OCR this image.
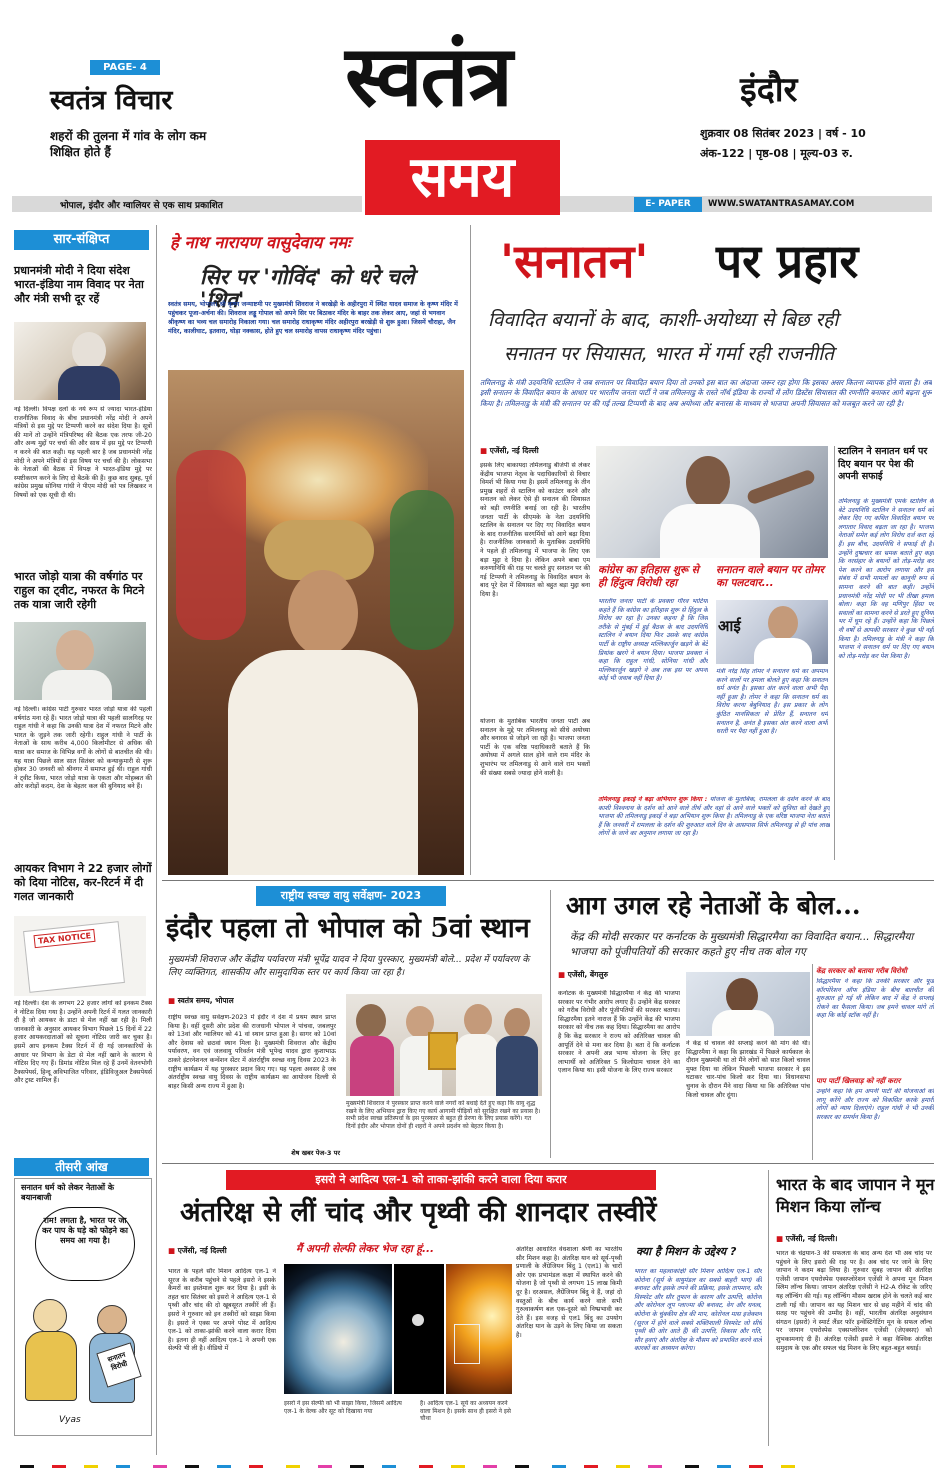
PAGE- 4
स्वतंत्र विचार
शहरों की तुलना में गांव के लोग कम शिक्षित होते हैं
स्वतंत्र
समय
इंदौर
शुक्रवार 08 सितंबर 2023 | वर्ष - 10
अंक-122 | पृष्ठ-08 | मूल्य-03 रु.
भोपाल, इंदौर और ग्वालियर से एक साथ प्रकाशित	E- PAPER	WWW.SWATANTRASAMAY.COM
सार-संक्षिप्त
प्रधानमंत्री मोदी ने दिया संदेश भारत-इंडिया नाम विवाद पर नेता और मंत्री सभी दूर रहें
नई दिल्ली। विपक्ष दलों के नये रूप से ज्यादा भारत-इंडिया राजनीतिक विवाद के बीच प्रधानमंत्री नरेंद्र मोदी ने अपने मंत्रियों से इस मुद्दे पर टिप्पणी करने का संदेश दिया है। सूत्रों की मानें तो उन्होंने मंत्रिपरिषद की बैठक एक तरफ जी-20 और अन्य मुद्दों पर चर्चा की और साथ में इस मुद्दे पर टिप्पणी न करने की बात कही। यह पहली बार है जब प्रधानमंत्री नरेंद्र मोदी ने अपने मंत्रियों से इस विषय पर चर्चा की है। लोकसभा के नेताओं की बैठक में विपक्ष ने भारत-इंडिया मुद्दे पर स्पष्टीकरण करने के लिए दो बैठकें की हैं। कुछ बाद सुबह, पूर्व कांग्रेस प्रमुख सोनिया गांधी ने पीएम मोदी को पत्र लिखकर न विषयों को एक सूची दी थी।
भारत जोड़ो यात्रा की वर्षगांठ पर राहुल का ट्वीट, नफरत के मिटने तक यात्रा जारी रहेगी
नई दिल्ली। कांग्रेस पार्टी गुरुवार भारत जोड़ो यात्रा की पहली वर्षगांठ मना रहे हैं। भारत जोड़ो यात्रा की पहली सालगिरह पर राहुल गांधी ने कहा कि उनकी यात्रा देश में नफरत मिटने और भारत के जुड़ने तक जारी रहेगी। राहुल गांधी ने पार्टी के नेताओं के साथ करीब 4,000 किलोमीटर से अधिक की यात्रा कर समाज के विभिन्न वर्गों के लोगों से बातचीत की थी। यह यात्रा पिछले साल सात सितंबर को कन्याकुमारी से शुरू होकर 30 जनवरी को श्रीनगर में समाप्त हुई थी। राहुल गांधी ने ट्वीट किया, भारत जोड़ो यात्रा के एकता और मोहब्बत की ओर करोड़ों कदम, देश के बेहतर कल की बुनियाद बने हैं।
आयकर विभाग ने 22 हजार लोगों को दिया नोटिस, कर-रिटर्न में दी गलत जानकारी
TAX NOTICE
नई दिल्ली। देश के लगभग 22 हजार लोगों को इनकम टैक्स ने नोटिस दिया गया है। उन्होंने अपनी रिटर्न में गलत जानकारी दी है जो आयकर के डाटा से मेल नहीं खा रही है। मिली जानकारी के अनुसार आयकर विभाग पिछले 15 दिनों में 22 हजार आयकरदाताओं को सूचना नोटिस जारी कर चुका है। इसमें आप इनकम टैक्स रिटर्न में दी गई जानकारियों के आधार पर विभाग के डेटा से मेल नहीं खाने के कारण ये नोटिस दिए गए हैं। डिमांड नोटिस मिल रहे हैं उनमें वेतनभोगी टैक्सपेयर्स, हिन्दू अविभाजित परिवार, इंडिविजुअल टैक्सपेयर्स और ट्रस्ट शामिल हैं।
तीसरी आंख
सनातन धर्म को लेकर नेताओं के बयानबाजी
राम! लगता है, भारत पर जा कर पाप के घड़े को फोड़ने का समय आ गया है।
सनातन विरोधी
Vyas
हे नाथ नारायण वासुदेवाय नमः
सिर पर 'गोविंद' को धरे चले 'शिव'
स्वतंत्र समय, भोपाल। श्री कृष्ण जन्माष्टमी पर मुख्यमंत्री शिवराज ने बरखेड़ी के अहीरपुरा में स्थित यादव समाज के कृष्ण मंदिर में पहुंचकर पूजा-अर्चना की। शिवराज लड्डू गोपाल को अपने सिर पर बिठाकर मंदिर के बाहर तक लेकर आए, जहां से भगवान श्रीकृष्ण का भव्य चल समारोह निकाला गया। चल समारोह राधाकृष्ण मंदिर अहीरपुरा बरखेड़ी से शुरू हुआ। जिसमें चौराहा, जैन मंदिर, कालीघाट, इतवारा, घोड़ा नक्कास, होते हुए चल समारोह वापस राधाकृष्ण मंदिर पहुंचा।
'सनातन'	पर प्रहार
विवादित बयानों के बाद, काशी-अयोध्या से बिछ रही
सनातन पर सियासत, भारत में गर्मा रही राजनीति
तमिलनाडु के मंत्री उदयनिधि स्टालिन ने जब सनातन पर विवादित बयान दिया तो उनको इस बात का अंदाजा जरूर रहा होगा कि इसका असर कितना व्यापक होने वाला है। अब इसी सनातन के विवादित बयान के आधार पर भारतीय जनता पार्टी ने जब तमिलनाडु के रास्ते नॉर्थ इंडिया के राज्यों में लोंग डिस्टेंस सियासत की रणनीति बनाकर आगे बढ़ना शुरू किया है। तमिलनाडु के मंत्री की सनातन पर की गई तल्ख टिप्पणी के बाद अब अयोध्या और बनारस के माध्यम से भाजपा अपनी सियासत को मजबूत करने जा रही है।
■ एजेंसी, नई दिल्ली
इसके लिए बाकायदा तमिलनाडु बीजेपी से लेकर केंद्रीय भाजपा नेतृत्व के पदाधिकारियों से विचार विमर्श भी किया गया है। इसमें तमिलनाडु के तीन प्रमुख शहरों से स्टालिन को काउंटर करने और सनातन को लेकर ऐसे ही सनातन की सियासत को बड़ी रणनीति बनाई जा रही है। भारतीय जनता पार्टी के सीएमके के नेता उदयनिधि स्टालिन के सनातन पर दिए गए विवादित बयान के बाद राजनीतिक सरगर्मियों को आगे बढ़ा दिया है। राजनीतिक जानकारों के मुताबिक उदयनिधि ने पहले ही तमिलनाडु में भाजपा के लिए एक बड़ा मुद्दा दे दिया है। लेकिन अपने बाबा एम करुणानिधि की राह पर चलते हुए सनातन पर की गई टिप्पणी ने तमिलनाडु के विवादित बयान के बाद पूरे देश में सियासत को बहुत बड़ा मुद्दा बना दिया है।
योजना के मुताबिक भारतीय जनता पार्टी अब सनातन के मुद्दे पर तमिलनाडु को सीधे अयोध्या और बनारस से जोड़ने जा रही है। भाजपा जनता पार्टी के एक वरिष्ठ पदाधिकारी बताते हैं कि अयोध्या में अगले साल होने वाले राम मंदिर के शुभारंभ पर तमिलनाडु से आने वाले राम भक्तों की संख्या सबसे ज्यादा होने वाली है।
कांग्रेस का इतिहास शुरू से ही हिंदुत्व विरोधी रहा
भारतीय जनता पार्टी के प्रवक्ता गौरव भाटिया कहते हैं कि कांग्रेस का इतिहास शुरू से हिंदुत्व के विरोध का रहा है। उनका कहना है कि जिस तरीके से मुंबई में हुई बैठक के बाद उदयनिधि स्टालिन ने बयान दिया फिर उसके बाद कांग्रेस पार्टी के राष्ट्रीय अध्यक्ष मल्लिकार्जुन खड़गे के बेटे प्रियांक खरगे ने बयान दिया। भाजपा प्रवक्ता ने कहा कि राहुल गांधी, सोनिया गांधी और मल्लिकार्जुन खड़गे ने अब तक इस पर अपना कोई भी जवाब नहीं दिया है।
सनातन वाले बयान पर तोमर का पलटवार...
आई
मंत्री नरेंद्र सिंह तोमर ने सनातन धर्म का अपमान करने वालों पर हमला बोलते हुए कहा कि सनातन धर्म अनंत है। इसका अंत करने वाला अभी पैदा नहीं हुआ है। तोमर ने कहा कि सनातन धर्म का विरोध करना बेबुनियाद है। इस प्रकार के लोग कुंठित मानसिकता से प्रेरित हैं, सनातन धर्म सनातन है, अनंत है इसका अंत करने वाला अभी धरती पर पैदा नहीं हुआ है।
तमिलनाडु इकाई ने बढ़ा अभियान शुरू किया : योजना के मुताबिक, रामलला के दर्शन करने के बाद काशी विश्वनाथ के दर्शन को आने वाले तीर्थ और वहां से आने वाले भक्तों को सुविधा को देखते हुए भाजपा की तमिलनाडु इकाई ने बड़ा अभियान शुरू किया है। तमिलनाडु के एक वरिष्ठ भाजपा नेता बताते हैं कि जनवरी में रामलला के दर्शन की शुरुआत वाले दिन के आसपास सिर्फ तमिलनाडु से ही पांच लाख लोगों के जाने का अनुमान लगाया जा रहा है।
स्टालिन ने सनातन धर्म पर दिए बयान पर पेश की अपनी सफाई
तमिलनाडु के मुख्यमंत्री एमके स्टालिन के बेटे उदयनिधि स्टालिन ने सनातन धर्म को लेकर दिए गए कथित विवादित बयान पर लगातार विवाद बढ़ता जा रहा है। भाजपा नेताओं समेत कई लोग विरोध दर्ज करा रहे हैं। इस बीच, उदयनिधि ने सफाई दी है। उन्होंने दुष्प्रचार का भ्रमक बताते हुए कहा कि नरसंहार के बयानों को तोड़-मरोड़ कर पेश करने का आरोप लगाया और इस संबंध में सभी मामलों का कानूनी रूप से सामना करने की बात कही। उन्होंने प्रधानमंत्री नरेंद्र मोदी पर भी तीखा हमला बोला। कहा कि वह मणिपुर हिंसा पर सवालों का सामना करने से डरते हुए दुनिया भर में घूम रहे हैं। उन्होंने कहा कि पिछले नौ वर्षों से आपकी सरकार ने कुछ भी नहीं किया है। तमिलनाडु के मंत्री ने कहा कि भाजपा ने सनातन धर्म पर दिए गए बयान को तोड़-मरोड़ कर पेश किया है।
राष्ट्रीय स्वच्छ वायु सर्वेक्षण- 2023
इंदौर पहला तो भोपाल को 5वां स्थान
मुख्यमंत्री शिवराज और केंद्रीय पर्यावरण मंत्री भूपेंद्र यादव ने दिया पुरस्कार, मुख्यमंत्री बोले... प्रदेश में पर्यावरण के लिए व्यक्तिगत, शासकीय और सामुदायिक स्तर पर कार्य किया जा रहा है।
■ स्वतंत्र समय, भोपाल
राष्ट्रीय स्वच्छ वायु सर्वेक्षण-2023 में इंदौर ने देश में प्रथम स्थान प्राप्त किया है। वहीं दूसरी ओर प्रदेश की राजधानी भोपाल ने पांचवा, जबलपुर को 13वां और ग्वालियर को 41 वां स्थान प्राप्त हुआ है। सागर को 10वां और देवास को छठवां स्थान मिला है। मुख्यमंत्री शिवराज और केंद्रीय पर्यावरण, वन एवं जलवायु परिवर्तन मंत्री भूपेन्द्र यादव द्वारा कुशाभाऊ ठाकरे इंटरनेशनल कन्वेंशन सेंटर में अंतर्राष्ट्रीय स्वच्छ वायु दिवस 2023 के राष्ट्रीय कार्यक्रम में यह पुरस्कार प्रदान किए गए। यह पहला अवसर है जब अंतर्राष्ट्रीय स्वच्छ वायु दिवस के राष्ट्रीय कार्यक्रम का आयोजन दिल्ली से बाहर किसी अन्य राज्य में हुआ है।
शेष खबर पेज-3 पर
मुख्यमंत्री शिवराज ने पुरस्कार प्राप्त करने वाले नगरों को बधाई देते हुए कहा कि वायु शुद्ध रखने के लिए अभियान द्वारा किए गए कार्य आगामी पीढ़ियों को सुरक्षित रखने का प्रयास है। सभी प्रदेश स्वच्छ प्रतिस्पर्धा के इस पुरस्कार से बहुत ही प्रेरणा के लिए प्रयास करेंगे। गत दिनों इंदौर और भोपाल दोनों ही शहरों ने अपने प्रदर्शन को बेहतर किया है।
आग उगल रहे नेताओं के बोल...
केंद्र की मोदी सरकार पर कर्नाटक के मुख्यमंत्री सिद्धारमैया का विवादित बयान... सिद्धारमैया भाजपा को पूंजीपतियों की सरकार कहते हुए नीच तक बोल गए
■ एजेंसी, बेंगलुरु
कर्नाटक के मुख्यमंत्री सिद्धारमैया ने केंद्र की भाजपा सरकार पर गंभीर आरोप लगाए हैं। उन्होंने केंद्र सरकार को गरीब विरोधी और पूंजीपतियों की सरकार बताया। सिद्धारमैया इतने नाराज हैं कि उन्होंने केंद्र की भाजपा सरकार को नीच तक कह दिया। सिद्धारमैया का आरोप है कि केंद्र सरकार ने राज्य को अतिरिक्त चावल की आपूर्ति देने से मना कर दिया है। बता दें कि कर्नाटक सरकार ने अपनी अन्न भाग्य योजना के लिए हर लाभार्थी को अतिरिक्त 5 किलोग्राम चावल देने का एलान किया था। इसी योजना के लिए राज्य सरकार
ने केंद्र से चावल की सप्लाई करने की मांग की थी। सिद्धारमैया ने कहा कि झारखंड में पिछले कार्यकाल के दौरान मुख्यमंत्री था तो मैंने लोगों को सात किलो चावल मुफ्त दिया था लेकिन पिछली भाजपा सरकार ने इस घटाकर चार-पांच किलो कर दिया था। विधानसभा चुनाव के दौरान मैंने वादा किया था कि अतिरिक्त पांच किलो चावल और दूंगा।
केंद्र सरकार को बताया गरीब विरोधी
सिद्धारमैया ने कहा कि उनकी सरकार और फूड कॉरपोरेशन ऑफ इंडिया के बीच बातचीत की शुरुआत हो गई थी लेकिन बाद में केंद्र ने सप्लाई रोकने का फैसला किया। जब हमने चावल मांगे तो कहा कि कोई स्टॉक नहीं है।
पाप पार्टी खिलवाड़ को नहीं करार
उन्होंने कहा कि हम अपनी पार्टी की योजनाओं को लागू करेंगे और राज्य को विकसित करके हमारी लोगों को न्याय दिलाएंगे। राहुल गांधी ने भी उनकी सरकार का समर्थन किया है।
इसरो ने आदित्य एल-1 को ताका-झांकी करने वाला दिया करार
अंतरिक्ष से लीं चांद और पृथ्वी की शानदार तस्वीरें
■ एजेंसी, नई दिल्ली
भारत के पहले सौर मिशन आदित्य एल-1 ने सूरज के करीब पहुंचने से पहले इसरो ने इसके कैमरों का इस्तेमाल शुरू कर दिया है। इसी के तहत चार सितंबर को इसरो ने आदित्य एल-1 से पृथ्वी और चांद की दो खूबसूरत तस्वीरें ली हैं। इसरो ने गुरुवार को इन तस्वीरों को साझा किया है। इसरो ने एक्स पर अपने पोस्ट में आदित्य एल-1 को ताका-झांकी करने वाला करार दिया है। इतना ही नहीं आदित्य एल-1 ने अपनी एक सेल्फी भी ली है। वीडियो में
मैं अपनी सेल्फी लेकर भेज रहा हूं...
इसरो ने इस सेल्फी को भी साझा किया, जिसमें आदित्य एल-1 के वेल्क और सूट को दिखाया गया
है। आदित्य एल-1 सूर्य का अध्ययन करने वाला मिशन है। इसके साथ ही इसरो ने इसे चौथा
अंतरिक्ष आधारित वेधशाला श्रेणी का भारतीय सौर मिशन कहा है। अंतरिक्ष यान को सूर्य-पृथ्वी प्रणाली के लैंग्रेजियन बिंदु 1 (एल1) के चारों ओर एक प्रभामंडल कक्षा में स्थापित करने की योजना है जो पृथ्वी से लगभग 15 लाख किमी दूर है। दरअसल, लैग्रेंजियन बिंदु वे हैं, जहां दो वस्तुओं के बीच कार्य करने वाले सभी गुरुत्वाकर्षण बल एक-दूसरे को निष्प्रभावी कर देते हैं। इस वजह से एल1 बिंदु का उपयोग अंतरिक्ष यान के उड़ने के लिए किया जा सकता है।
क्या है मिशन के उद्देश्य ?
भारत का महत्वाकांक्षी सौर मिशन आदित्य एल-1 सौर कोरोना (सूर्य के वायुमंडल का सबसे बाहरी भाग) की बनावट और इसके तपने की प्रक्रिया, इसके तापमान, सौर विस्फोट और सौर तूफान के कारण और उत्पत्ति, कोरोना और कोरोनल लूप प्लाज्मा की बनावट, वेग और घनत्व, कोरोना के चुंबकीय क्षेत्र की माप, कोरोनल मास इजेक्शन (सूरज में होने वाले सबसे शक्तिशाली विस्फोट जो सीधे पृथ्वी की ओर आते हैं) की उत्पत्ति, विकास और गति, सौर हवाएं और अंतरिक्ष के मौसम को प्रभावित करने वाले कारकों का अध्ययन करेगा।
भारत के बाद जापान ने मून मिशन किया लॉन्च
■ एजेंसी, नई दिल्ली।
भारत के चंद्रयान-3 की सफलता के बाद अन्य देश भी अब चांद पर पहुंचने के लिए इसरो की राह पर है। अब चांद पर जाने के लिए जापान ने कदम बढ़ा लिया है। गुरुवार सुबह जापान की अंतरिक्ष एजेंसी जापान एयरोस्पेस एक्सप्लोरेशन एजेंसी ने अपना मून मिशन स्लिम लॉन्च किया। जापान अंतरिक्ष एजेंसी ने H2-A रॉकेट के जरिए यह लॉन्चिंग की गई। यह लॉन्चिंग मौसम खराब होने के चलते कई बार टाली गई थी। जापान का यह मिशन चार से छह महीने में चांद की सतह पर पहुंचने की उम्मीद है। वहीं, भारतीय अंतरिक्ष अनुसंधान संगठन (इसरो) ने स्मार्ट लैंडर फॉर इन्वेस्टिगेटिंग मून के सफल लॉन्च पर जापान एयरोस्पेस एक्सप्लोरेशन एजेंसी (जेएक्सए) को शुभकामनाएं दी हैं। अंतरिक्ष एजेंसी इसरो ने कहा वैश्विक अंतरिक्ष समुदाय के एक और सफल चंद्र मिशन के लिए बहुत-बहुत बधाई।
